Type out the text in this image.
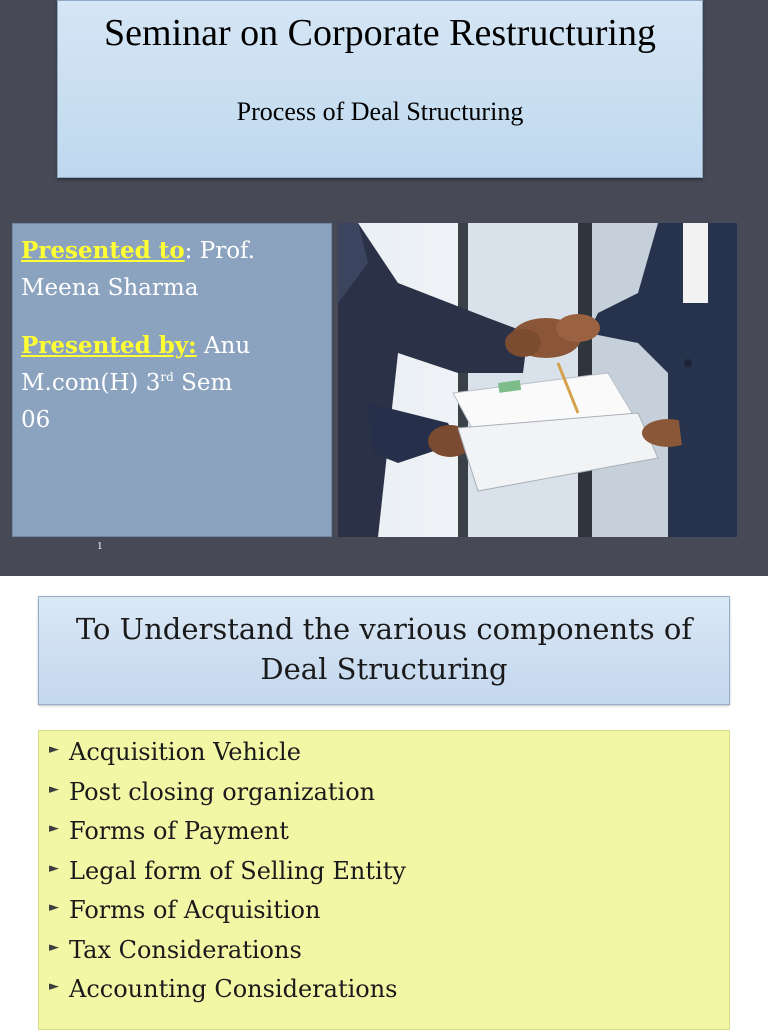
Seminar on Corporate Restructuring
Process of Deal Structuring

Presented to: Prof.

Meena Sharma

Presented by: Anu

M.com(H) 3rd Sem

06

1
To Understand the various components of Deal Structuring
► Acquisition Vehicle
► Post closing organization
► Forms of Payment
► Legal form of Selling Entity
► Forms of Acquisition
► Tax Considerations
► Accounting Considerations
